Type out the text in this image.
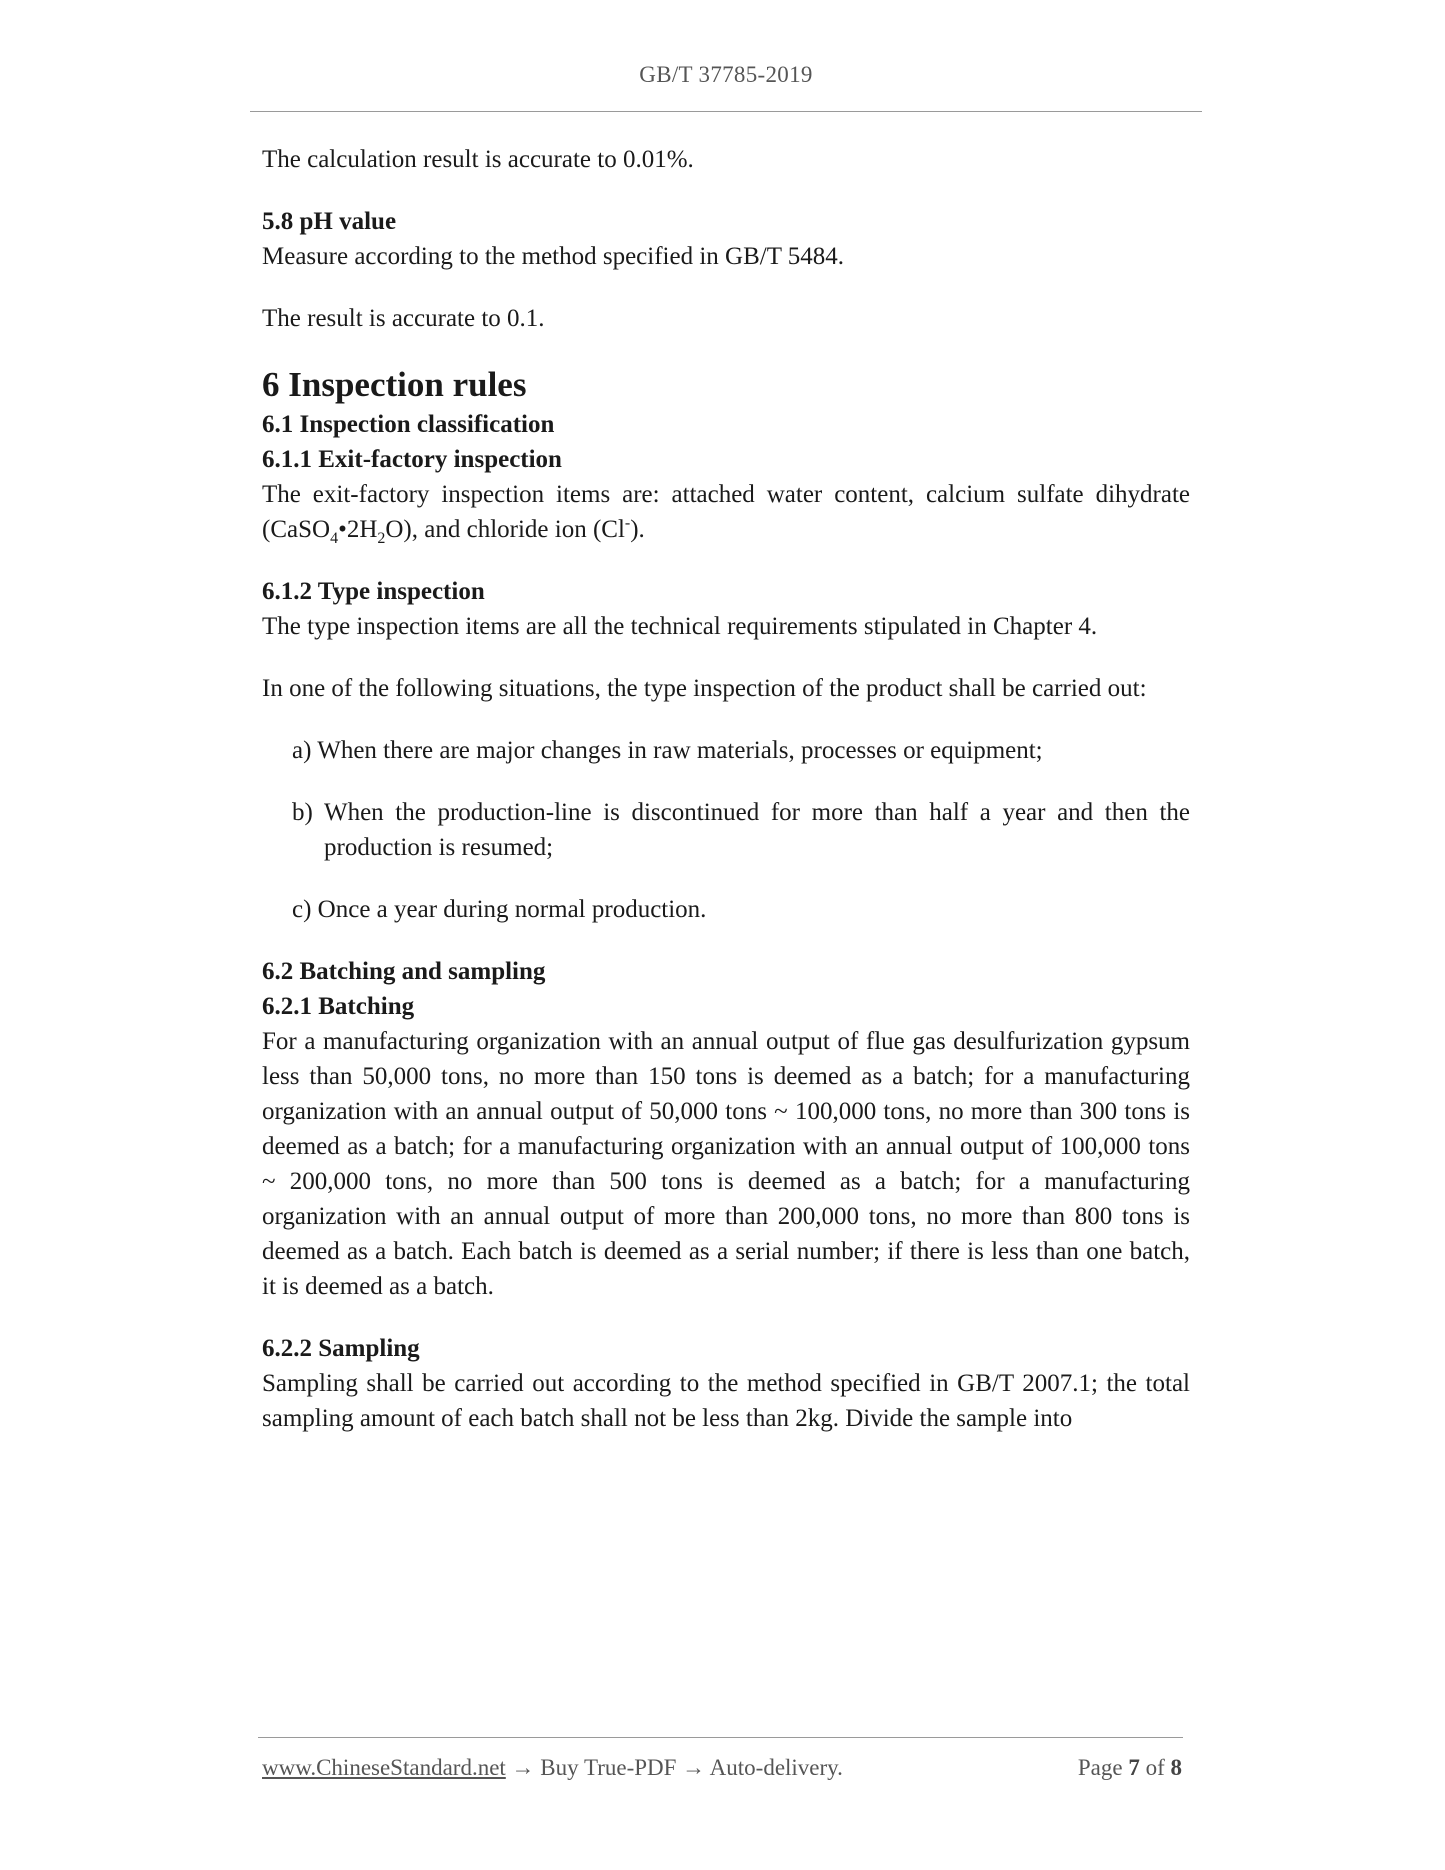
GB/T 37785-2019

The calculation result is accurate to 0.01%.

5.8 pH value

Measure according to the method specified in GB/T 5484.

The result is accurate to 0.1.

6 Inspection rules

6.1 Inspection classification

6.1.1 Exit-factory inspection

The exit-factory inspection items are: attached water content, calcium sulfate dihydrate $(CaSO_4•2H_2O)$, and chloride ion (Cl-).

6.1.2 Type inspection

The type inspection items are all the technical requirements stipulated in Chapter 4.

In one of the following situations, the type inspection of the product shall be carried out:

a) When there are major changes in raw materials, processes or equipment;

b) When the production-line is discontinued for more than half a year and then the production is resumed;

c) Once a year during normal production.

6.2 Batching and sampling

6.2.1 Batching

For a manufacturing organization with an annual output of flue gas desulfurization gypsum less than 50,000 tons, no more than 150 tons is deemed as a batch; for a manufacturing organization with an annual output of 50,000 tons ~ 100,000 tons, no more than 300 tons is deemed as a batch; for a manufacturing organization with an annual output of 100,000 tons ~ 200,000 tons, no more than 500 tons is deemed as a batch; for a manufacturing organization with an annual output of more than 200,000 tons, no more than 800 tons is deemed as a batch. Each batch is deemed as a serial number; if there is less than one batch, it is deemed as a batch.

6.2.2 Sampling

Sampling shall be carried out according to the method specified in GB/T 2007.1; the total sampling amount of each batch shall not be less than 2kg. Divide the sample into

www.ChineseStandard.net → Buy True-PDF → Auto-delivery.	Page 7 of 8
